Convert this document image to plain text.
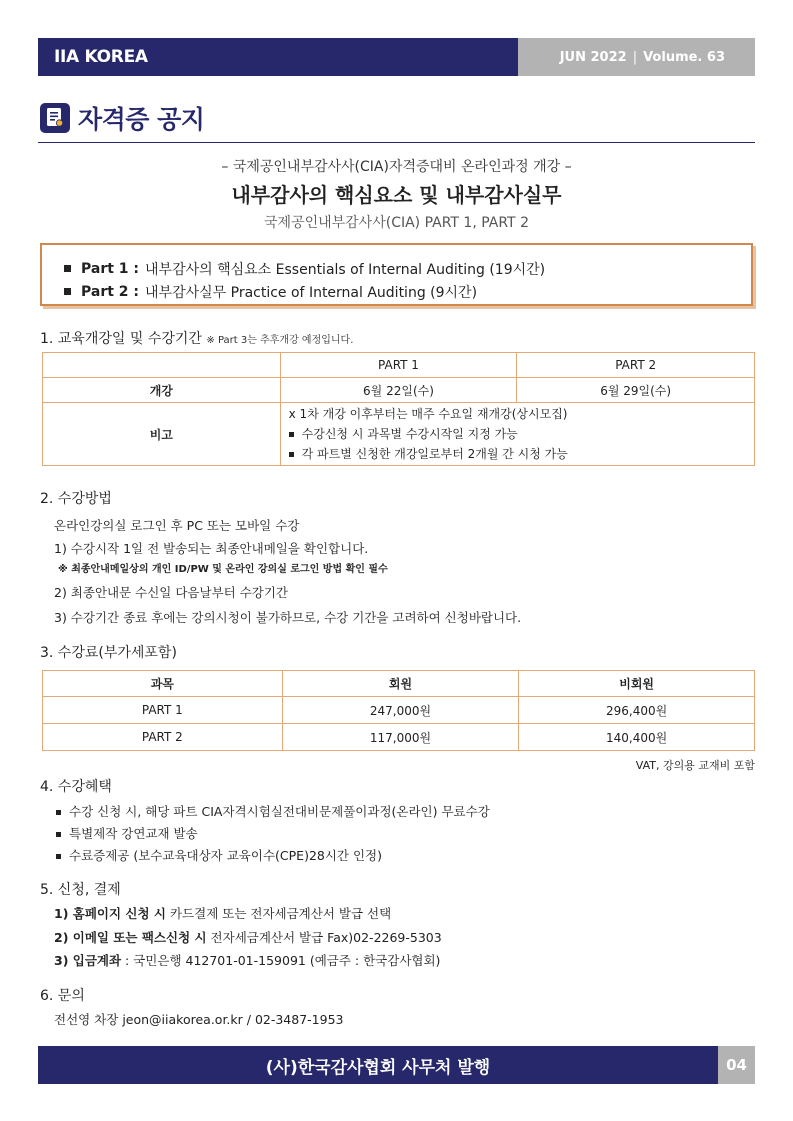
IIA KOREA	JUN 2022 | Volume. 63
자격증 공지
– 국제공인내부감사사(CIA)자격증대비 온라인과정 개강 –
내부감사의 핵심요소 및 내부감사실무
국제공인내부감사사(CIA) PART 1, PART 2
Part 1 : 내부감사의 핵심요소 Essentials of Internal Auditing (19시간)
Part 2 : 내부감사실무 Practice of Internal Auditing (9시간)
1. 교육개강일 및 수강기간 ※ Part 3는 추후개강 예정입니다.
	PART 1	PART 2
개강	6월 22일(수)	6월 29일(수)
비고	x 1차 개강 이후부터는 매주 수요일 재개강(상시모집)
수강신청 시 과목별 수강시작일 지정 가능
각 파트별 신청한 개강일로부터 2개월 간 시청 가능	
2. 수강방법
온라인강의실 로그인 후 PC 또는 모바일 수강
1) 수강시작 1일 전 발송되는 최종안내메일을 확인합니다.
※ 최종안내메일상의 개인 ID/PW 및 온라인 강의실 로그인 방법 확인 필수
2) 최종안내문 수신일 다음날부터 수강기간
3) 수강기간 종료 후에는 강의시청이 불가하므로, 수강 기간을 고려하여 신청바랍니다.
3. 수강료(부가세포함)
과목	회원	비회원
PART 1	247,000원	296,400원
PART 2	117,000원	140,400원
VAT, 강의용 교재비 포함
4. 수강혜택
수강 신청 시, 해당 파트 CIA자격시험실전대비문제풀이과정(온라인) 무료수강
특별제작 강연교재 발송
수료증제공 (보수교육대상자 교육이수(CPE)28시간 인정)
5. 신청, 결제
1) 홈페이지 신청 시 카드결제 또는 전자세금계산서 발급 선택
2) 이메일 또는 팩스신청 시 전자세금계산서 발급 Fax)02-2269-5303
3) 입금계좌 : 국민은행 412701-01-159091 (예금주 : 한국감사협회)
6. 문의
전선영 차장 jeon@iiakorea.or.kr / 02-3487-1953
(사)한국감사협회 사무처 발행	04
